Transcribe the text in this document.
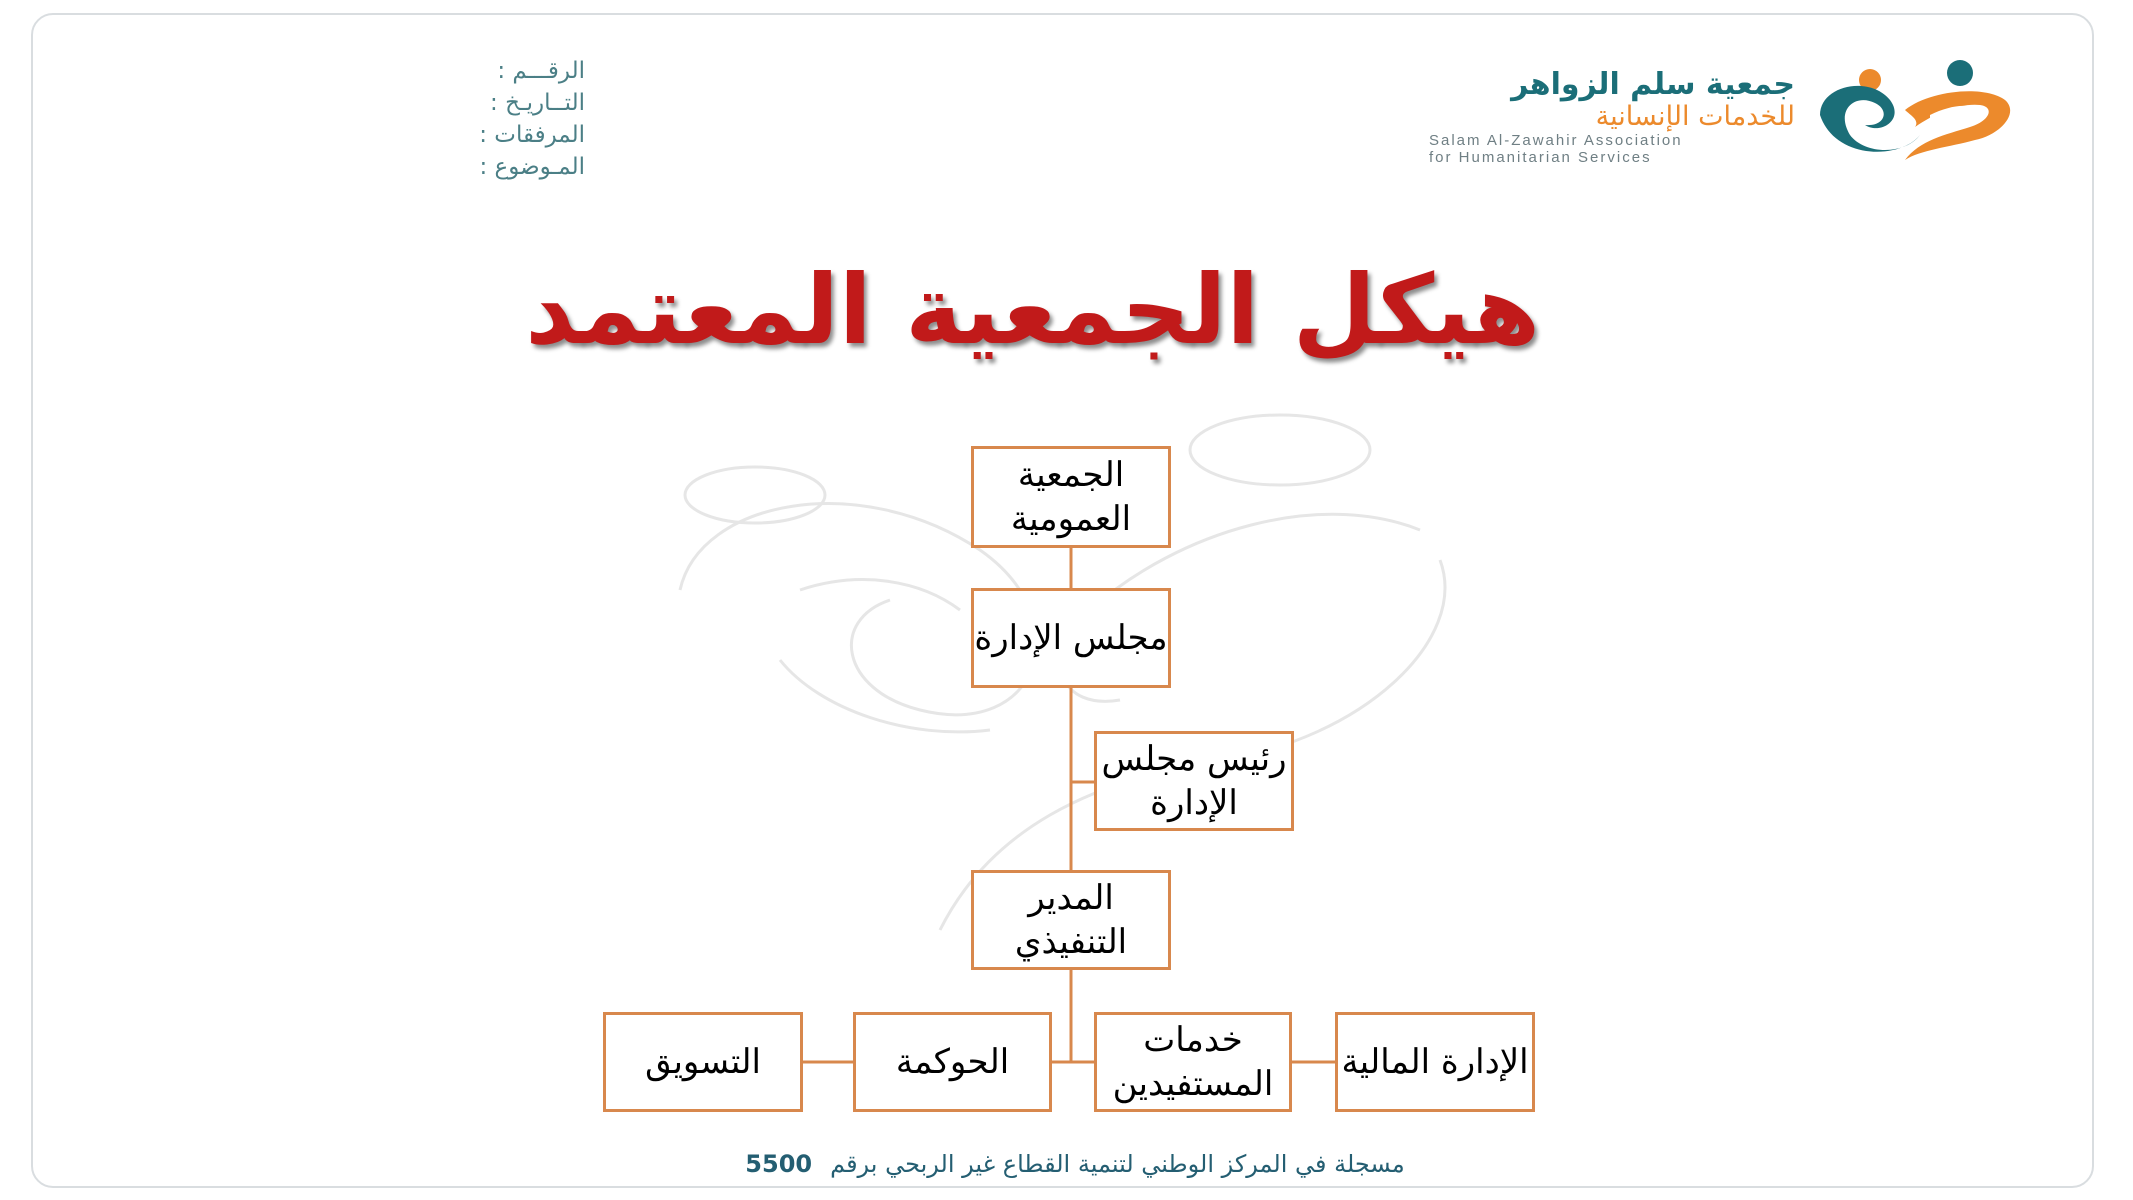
الرقـــم :
التــاريـخ :
المرفقات :
المـوضوع :
جمعية سلم الزواهر
للخدمات الإنسانية
Salam Al-Zawahir Association
for Humanitarian Services
هيكل الجمعية المعتمد
الجمعية العمومية
مجلس الإدارة
رئيس مجلس الإدارة
المدير التنفيذي
الإدارة المالية
خدمات المستفيدين
الحوكمة
التسويق
مسجلة في المركز الوطني لتنمية القطاع غير الربحي برقم5500
